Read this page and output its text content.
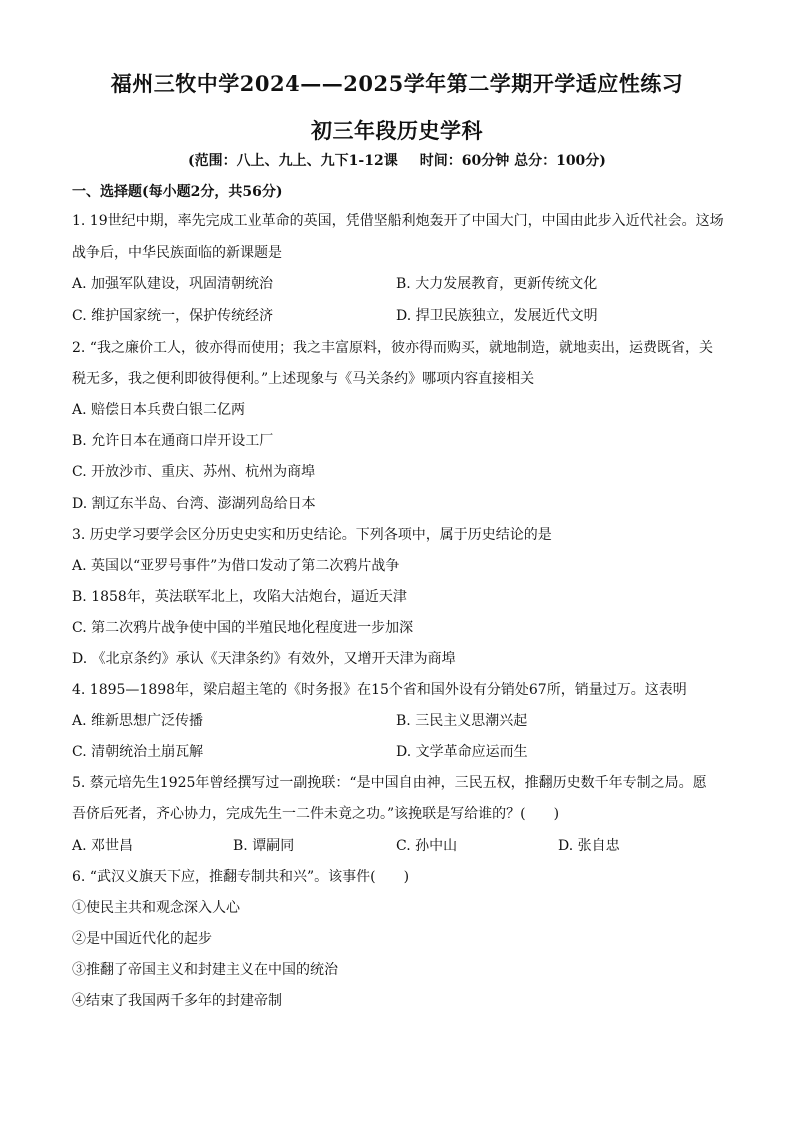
福州三牧中学2024——2025学年第二学期开学适应性练习
初三年段历史学科
(范围：八上、九上、九下1-12课 时间：60分钟 总分：100分)
一、选择题(每小题2分，共56分)
1. 19世纪中期，率先完成工业革命的英国，凭借坚船利炮轰开了中国大门，中国由此步入近代社会。这场
战争后，中华民族面临的新课题是
A. 加强军队建设，巩固清朝统治	B. 大力发展教育，更新传统文化
C. 维护国家统一，保护传统经济	D. 捍卫民族独立，发展近代文明
2. “我之廉价工人，彼亦得而使用；我之丰富原料，彼亦得而购买，就地制造，就地卖出，运费既省，关
税无多，我之便利即彼得便利。”上述现象与《马关条约》哪项内容直接相关
A. 赔偿日本兵费白银二亿两
B. 允许日本在通商口岸开设工厂
C. 开放沙市、重庆、苏州、杭州为商埠
D. 割辽东半岛、台湾、澎湖列岛给日本
3. 历史学习要学会区分历史史实和历史结论。下列各项中，属于历史结论的是
A. 英国以“亚罗号事件”为借口发动了第二次鸦片战争
B. 1858年，英法联军北上，攻陷大沽炮台，逼近天津
C. 第二次鸦片战争使中国的半殖民地化程度进一步加深
D. 《北京条约》承认《天津条约》有效外，又增开天津为商埠
4. 1895—1898年，梁启超主笔的《时务报》在15个省和国外设有分销处67所，销量过万。这表明
A. 维新思想广泛传播	B. 三民主义思潮兴起
C. 清朝统治土崩瓦解	D. 文学革命应运而生
5. 蔡元培先生1925年曾经撰写过一副挽联：“是中国自由神，三民五权，推翻历史数千年专制之局。愿
吾侪后死者，齐心协力，完成先生一二件未竟之功。”该挽联是写给谁的？(　　)
A. 邓世昌	B. 谭嗣同	C. 孙中山	D. 张自忠
6. “武汉义旗天下应，推翻专制共和兴”。该事件(　　)
①使民主共和观念深入人心
②是中国近代化的起步
③推翻了帝国主义和封建主义在中国的统治
④结束了我国两千多年的封建帝制
